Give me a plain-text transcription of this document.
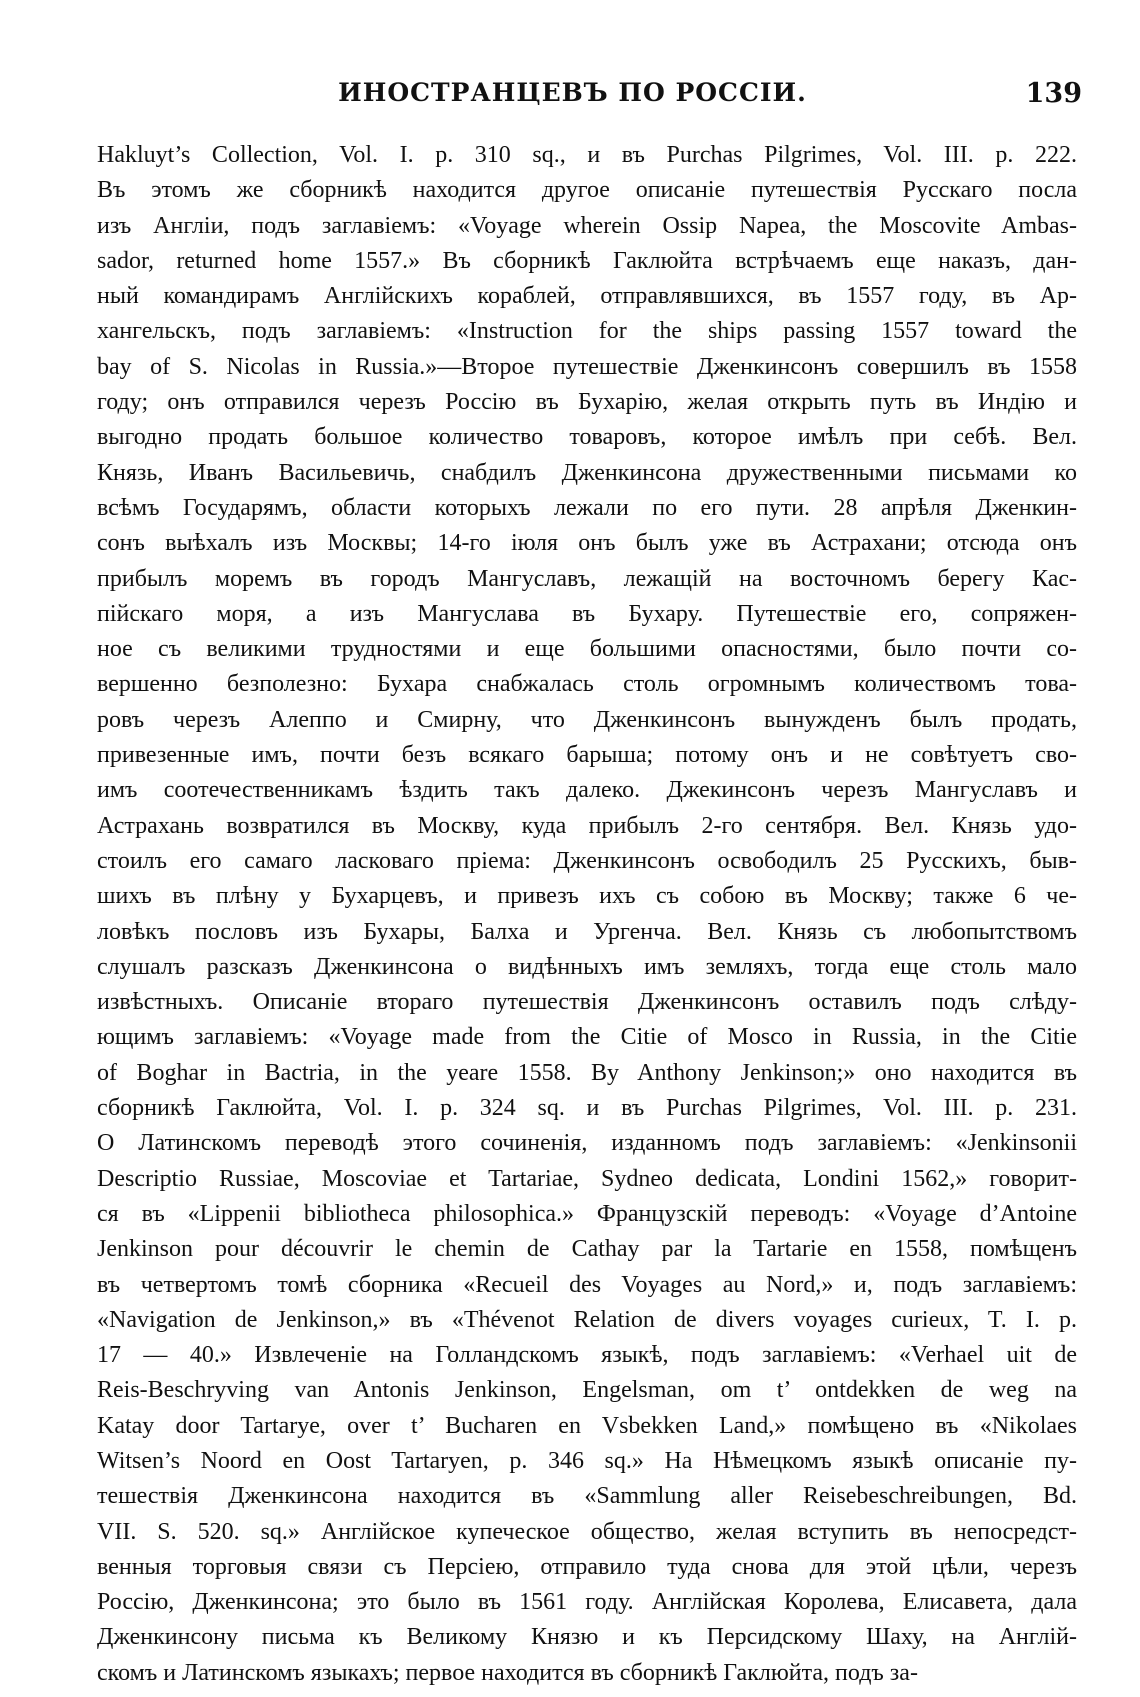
ИНОСТРАНЦЕВЪ ПО РОССІИ.	139
Hakluyt’s Collection, Vol. I. p. 310 sq., и въ Purchas Pilgrimes, Vol. III. p. 222.
Въ этомъ же сборникѣ находится другое описаніе путешествія Русскаго посла
изъ Англіи, подъ заглавіемъ: «Voyage wherein Ossip Napea, the Moscovite Ambas-
sador, returned home 1557.» Въ сборникѣ Гаклюйта встрѣчаемъ еще наказъ, дан-
ный командирамъ Англійскихъ кораблей, отправлявшихся, въ 1557 году, въ Ар-
хангельскъ, подъ заглавіемъ: «Instruction for the ships passing 1557 toward the
bay of S. Nicolas in Russia.»—Второе путешествіе Дженкинсонъ совершилъ въ 1558
году; онъ отправился черезъ Россію въ Бухарію, желая открыть путь въ Индію и
выгодно продать большое количество товаровъ, которое имѣлъ при себѣ. Вел.
Князь, Иванъ Васильевичь, снабдилъ Дженкинсона дружественными письмами ко
всѣмъ Государямъ, области которыхъ лежали по его пути. 28 апрѣля Дженкин-
сонъ выѣхалъ изъ Москвы; 14-го іюля онъ былъ уже въ Астрахани; отсюда онъ
прибылъ моремъ въ городъ Мангуславъ, лежащій на восточномъ берегу Кас-
пійскаго моря, а изъ Мангуслава въ Бухару. Путешествіе его, сопряжен-
ное съ великими трудностями и еще большими опасностями, было почти со-
вершенно безполезно: Бухара снабжалась столь огромнымъ количествомъ това-
ровъ черезъ Алеппо и Смирну, что Дженкинсонъ вынужденъ былъ продать,
привезенные имъ, почти безъ всякаго барыша; потому онъ и не совѣтуетъ сво-
имъ соотечественникамъ ѣздить такъ далеко. Джекинсонъ черезъ Мангуславъ и
Астрахань возвратился въ Москву, куда прибылъ 2-го сентября. Вел. Князь удо-
стоилъ его самаго ласковаго пріема: Дженкинсонъ освободилъ 25 Русскихъ, быв-
шихъ въ плѣну у Бухарцевъ, и привезъ ихъ съ собою въ Москву; также 6 че-
ловѣкъ пословъ изъ Бухары, Балха и Ургенча. Вел. Князь съ любопытствомъ
слушалъ разсказъ Дженкинсона о видѣнныхъ имъ земляхъ, тогда еще столь мало
извѣстныхъ. Описаніе втораго путешествія Дженкинсонъ оставилъ подъ слѣду-
ющимъ заглавіемъ: «Voyage made from the Citie of Mosco in Russia, in the Citie
of Boghar in Bactria, in the yeare 1558. By Anthony Jenkinson;» оно находится въ
сборникѣ Гаклюйта, Vol. I. p. 324 sq. и въ Purchas Pilgrimes, Vol. III. p. 231.
О Латинскомъ переводѣ этого сочиненія, изданномъ подъ заглавіемъ: «Jenkinsonii
Descriptio Russiae, Moscoviae et Tartariae, Sydneo dedicata, Londini 1562,» говорит-
ся въ «Lippenii bibliotheca philosophica.» Французскій переводъ: «Voyage d’Antoine
Jenkinson pour découvrir le chemin de Cathay par la Tartarie en 1558, помѣщенъ
въ четвертомъ томѣ сборника «Recueil des Voyages au Nord,» и, подъ заглавіемъ:
«Navigation de Jenkinson,» въ «Thévenot Relation de divers voyages curieux, T. I. p.
17 — 40.» Извлеченіе на Голландскомъ языкѣ, подъ заглавіемъ: «Verhael uit de
Reis-Beschryving van Antonis Jenkinson, Engelsman, om t’ ontdekken de weg na
Katay door Tartarye, over t’ Bucharen en Vsbekken Land,» помѣщено въ «Nikolaes
Witsen’s Noord en Oost Tartaryen, p. 346 sq.» На Нѣмецкомъ языкѣ описаніе пу-
тешествія Дженкинсона находится въ «Sammlung aller Reisebeschreibungen, Bd.
VII. S. 520. sq.» Англійское купеческое общество, желая вступить въ непосредст-
венныя торговыя связи съ Персіею, отправило туда снова для этой цѣли, черезъ
Россію, Дженкинсона; это было въ 1561 году. Англійская Королева, Елисавета, дала
Дженкинсону письма къ Великому Князю и къ Персидскому Шаху, на Англій-
скомъ и Латинскомъ языкахъ; первое находится въ сборникѣ Гаклюйта, подъ за-
